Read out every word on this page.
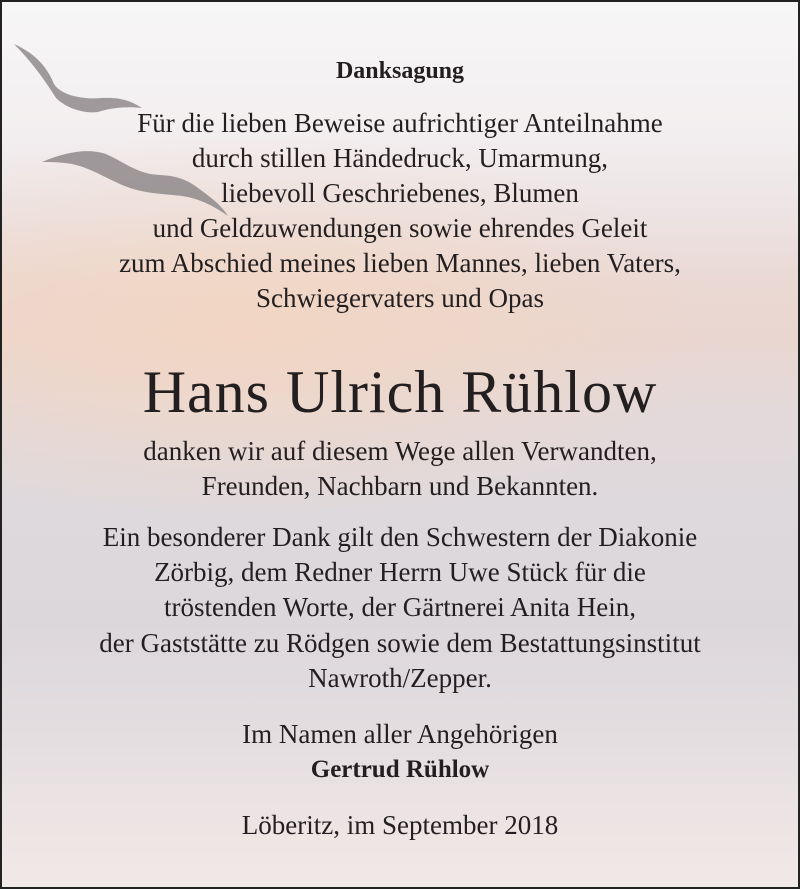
Danksagung
Für die lieben Beweise aufrichtiger Anteilnahme
durch stillen Händedruck, Umarmung,
liebevoll Geschriebenes, Blumen
und Geldzuwendungen sowie ehrendes Geleit
zum Abschied meines lieben Mannes, lieben Vaters,
Schwiegervaters und Opas
Hans Ulrich Rühlow
danken wir auf diesem Wege allen Verwandten,
Freunden, Nachbarn und Bekannten.
Ein besonderer Dank gilt den Schwestern der Diakonie
Zörbig, dem Redner Herrn Uwe Stück für die
tröstenden Worte, der Gärtnerei Anita Hein,
der Gaststätte zu Rödgen sowie dem Bestattungsinstitut
Nawroth/Zepper.
Im Namen aller Angehörigen
Gertrud Rühlow
Löberitz, im September 2018
